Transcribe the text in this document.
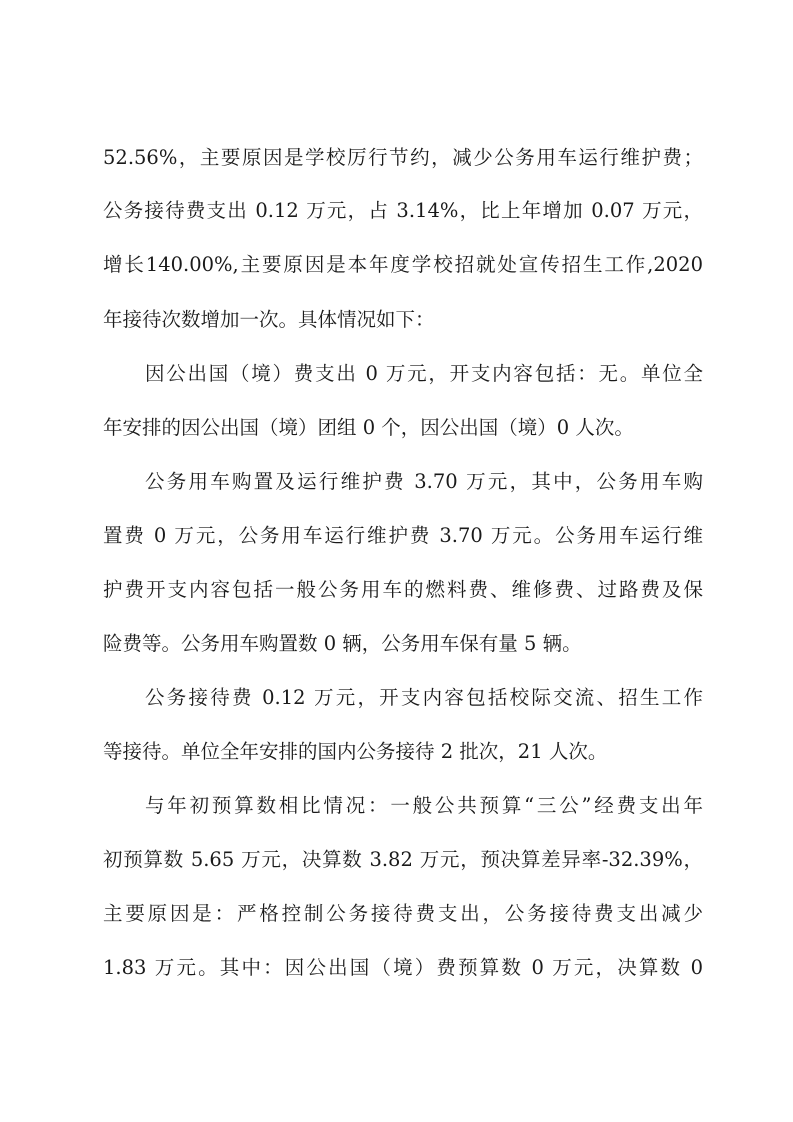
52.56%，主要原因是学校厉行节约，减少公务用车运行维护费；
公务接待费支出 0.12 万元，占 3.14%，比上年增加 0.07 万元，
增长140.00%,主要原因是本年度学校招就处宣传招生工作,2020
年接待次数增加一次。具体情况如下：
因公出国（境）费支出 0 万元，开支内容包括：无。单位全
年安排的因公出国（境）团组 0 个，因公出国（境）0 人次。
公务用车购置及运行维护费 3.70 万元，其中，公务用车购
置费 0 万元，公务用车运行维护费 3.70 万元。公务用车运行维
护费开支内容包括一般公务用车的燃料费、维修费、过路费及保
险费等。公务用车购置数 0 辆，公务用车保有量 5 辆。
公务接待费 0.12 万元，开支内容包括校际交流、招生工作
等接待。单位全年安排的国内公务接待 2 批次，21 人次。
与年初预算数相比情况：一般公共预算“三公”经费支出年
初预算数 5.65 万元，决算数 3.82 万元，预决算差异率-32.39%，
主要原因是：严格控制公务接待费支出，公务接待费支出减少
1.83 万元。其中：因公出国（境）费预算数 0 万元，决算数 0
